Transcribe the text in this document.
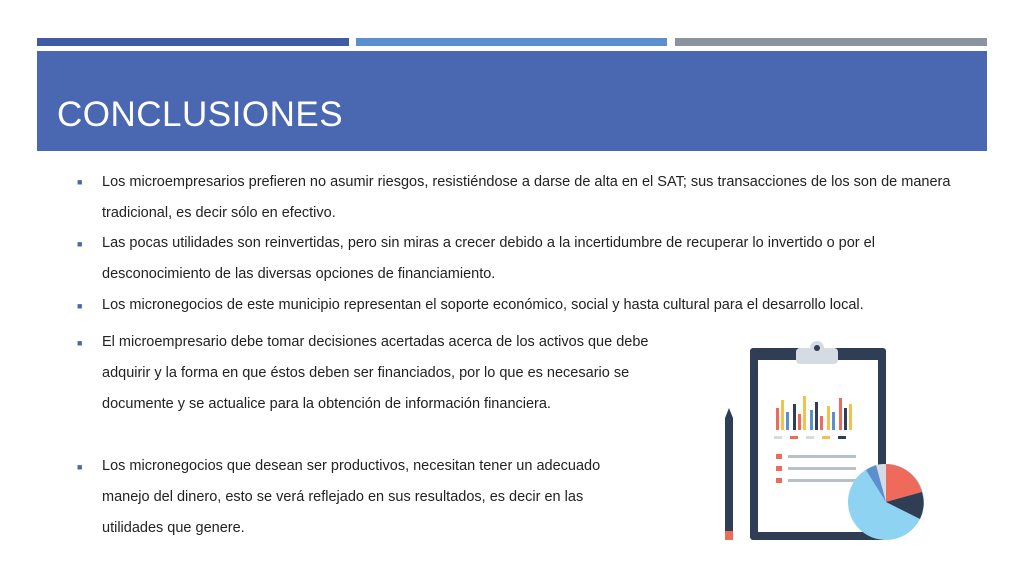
CONCLUSIONES
■ Los microempresarios prefieren no asumir riesgos, resistiéndose a darse de alta en el SAT; sus transacciones de los son de manera tradicional, es decir sólo en efectivo.
■ Las pocas utilidades son reinvertidas, pero sin miras a crecer debido a la incertidumbre de recuperar lo invertido o por el desconocimiento de las diversas opciones de financiamiento.
■ Los micronegocios de este municipio representan el soporte económico, social y hasta cultural para el desarrollo local.
■ El microempresario debe tomar decisiones acertadas acerca de los activos que debe adquirir y la forma en que éstos deben ser financiados, por lo que es necesario se documente y se actualice para la obtención de información financiera.
■ Los micronegocios que desean ser productivos, necesitan tener un adecuado manejo del dinero, esto se verá reflejado en sus resultados, es decir en las utilidades que genere.
